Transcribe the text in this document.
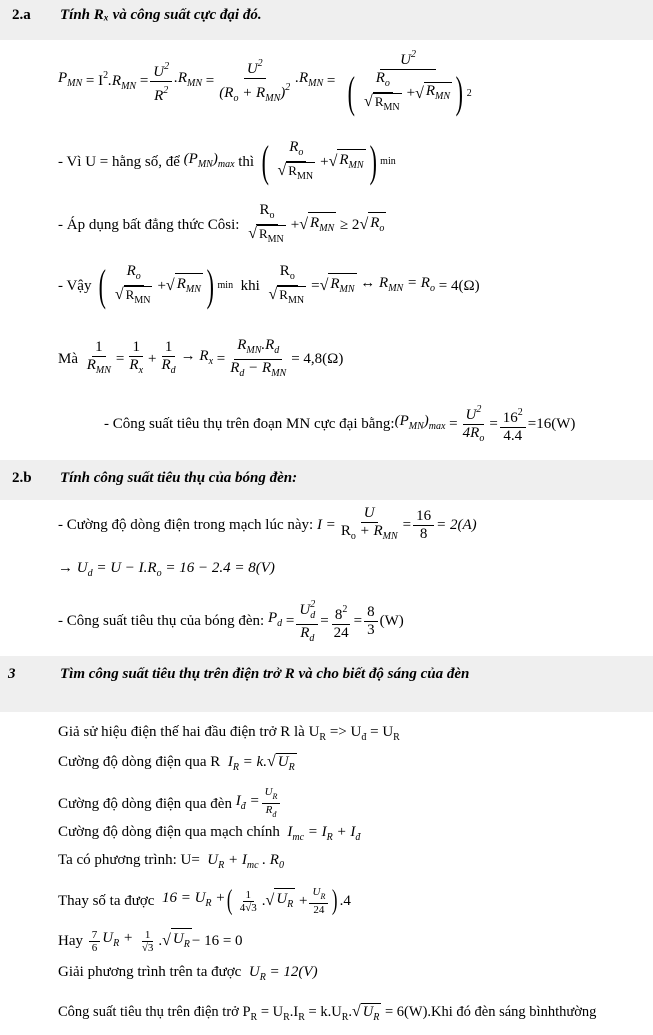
2.a Tính Rₓ và công suất cực đại đó.
$P_{MN} = I^2.R_{MN} = \frac{U^2}{R^2} .R_{MN}$ =
$U^2$
$(R_o + R_{MN})^2$
$.R_{MN}$ =
$U^2$
( $R_o$
√ $R_{MN}$
+ √ $R_{MN}$ ) 2
- Vì U = hằng số, để
$(P_{MN})_{max}$
thì
( $R_o$
√ $R_{MN}$
+ √ $R_{MN}$ ) min
- Áp dụng bất đẳng thức Côsi:

$R_o$
√ $R_{MN}$
+ √ $R_{MN}$
≥ 2 √ $R_o$
- Vậy
( $R_o$
√ $R_{MN}$
+ √ $R_{MN}$ ) min
khi

$R_o$
√ $R_{MN}$
= √ $R_{MN}$
↔ $R_{MN} = R_o$
= 4(Ω)
Mà

1
$R_{MN}$
= $\frac{1}{R_x} + \frac{1}{R_d} \to R_x$
=
$R_{MN}.R_d$
$R_d - R_{MN}$
= 4,8(Ω)
- Công suất tiêu thụ trên đoạn MN cực đại bằng: $(P_{MN})_{max}$
= $\frac{U^2}{4R_o} = \frac{16^2}{4.4} =16(W)$
2.b Tính công suất tiêu thụ của bóng đèn:
- Cường độ dòng điện trong mạch lúc này:
I =
U
$R_o + R_{MN}$
= $\frac{16}{8} = 2(A)$
→ $U_d = U - I.R_o = 16 - 2.4 = 8(V)$
- Công suất tiêu thụ của bóng đèn:
$P_d$
= $\frac{U^2_d}{R_d} = \frac{8^2}{24} = \frac{8}{3} (W)$
3	Tìm công suất tiêu thụ trên điện trở R và cho biết độ sáng của đèn
Giả sử hiệu điện thế hai đầu điện trở R là $U_R => U_đ = U_R$
Cường độ dòng điện qua R $I_R = k.√$ $U_R$
Cường độ dòng điện qua đèn
$I_đ = \frac{U_R}{R_đ}$
Cường độ dòng điện qua mạch chính $I_{mc} = I_R + I_đ$
Ta có phương trình: $U= U_R + I_{mc}$ . $R_0$
Thay số ta được
$16 = U_R$ + ( 1
4√3 . √ $U_R$
+ $\frac{U_R}{24}$ ) .4
Hay
7
6
$U_R$ +
$\frac{1}{√3}$ . √ $U_R - 16 = 0$
Giải phương trình trên ta được $U_R = 12(V)$
Công suất tiêu thụ trên điện trở $P_R = U_R.I_R = k.U_R.√$ $U_R = 6(W).Khi$ đó đèn sáng bìnhthường
